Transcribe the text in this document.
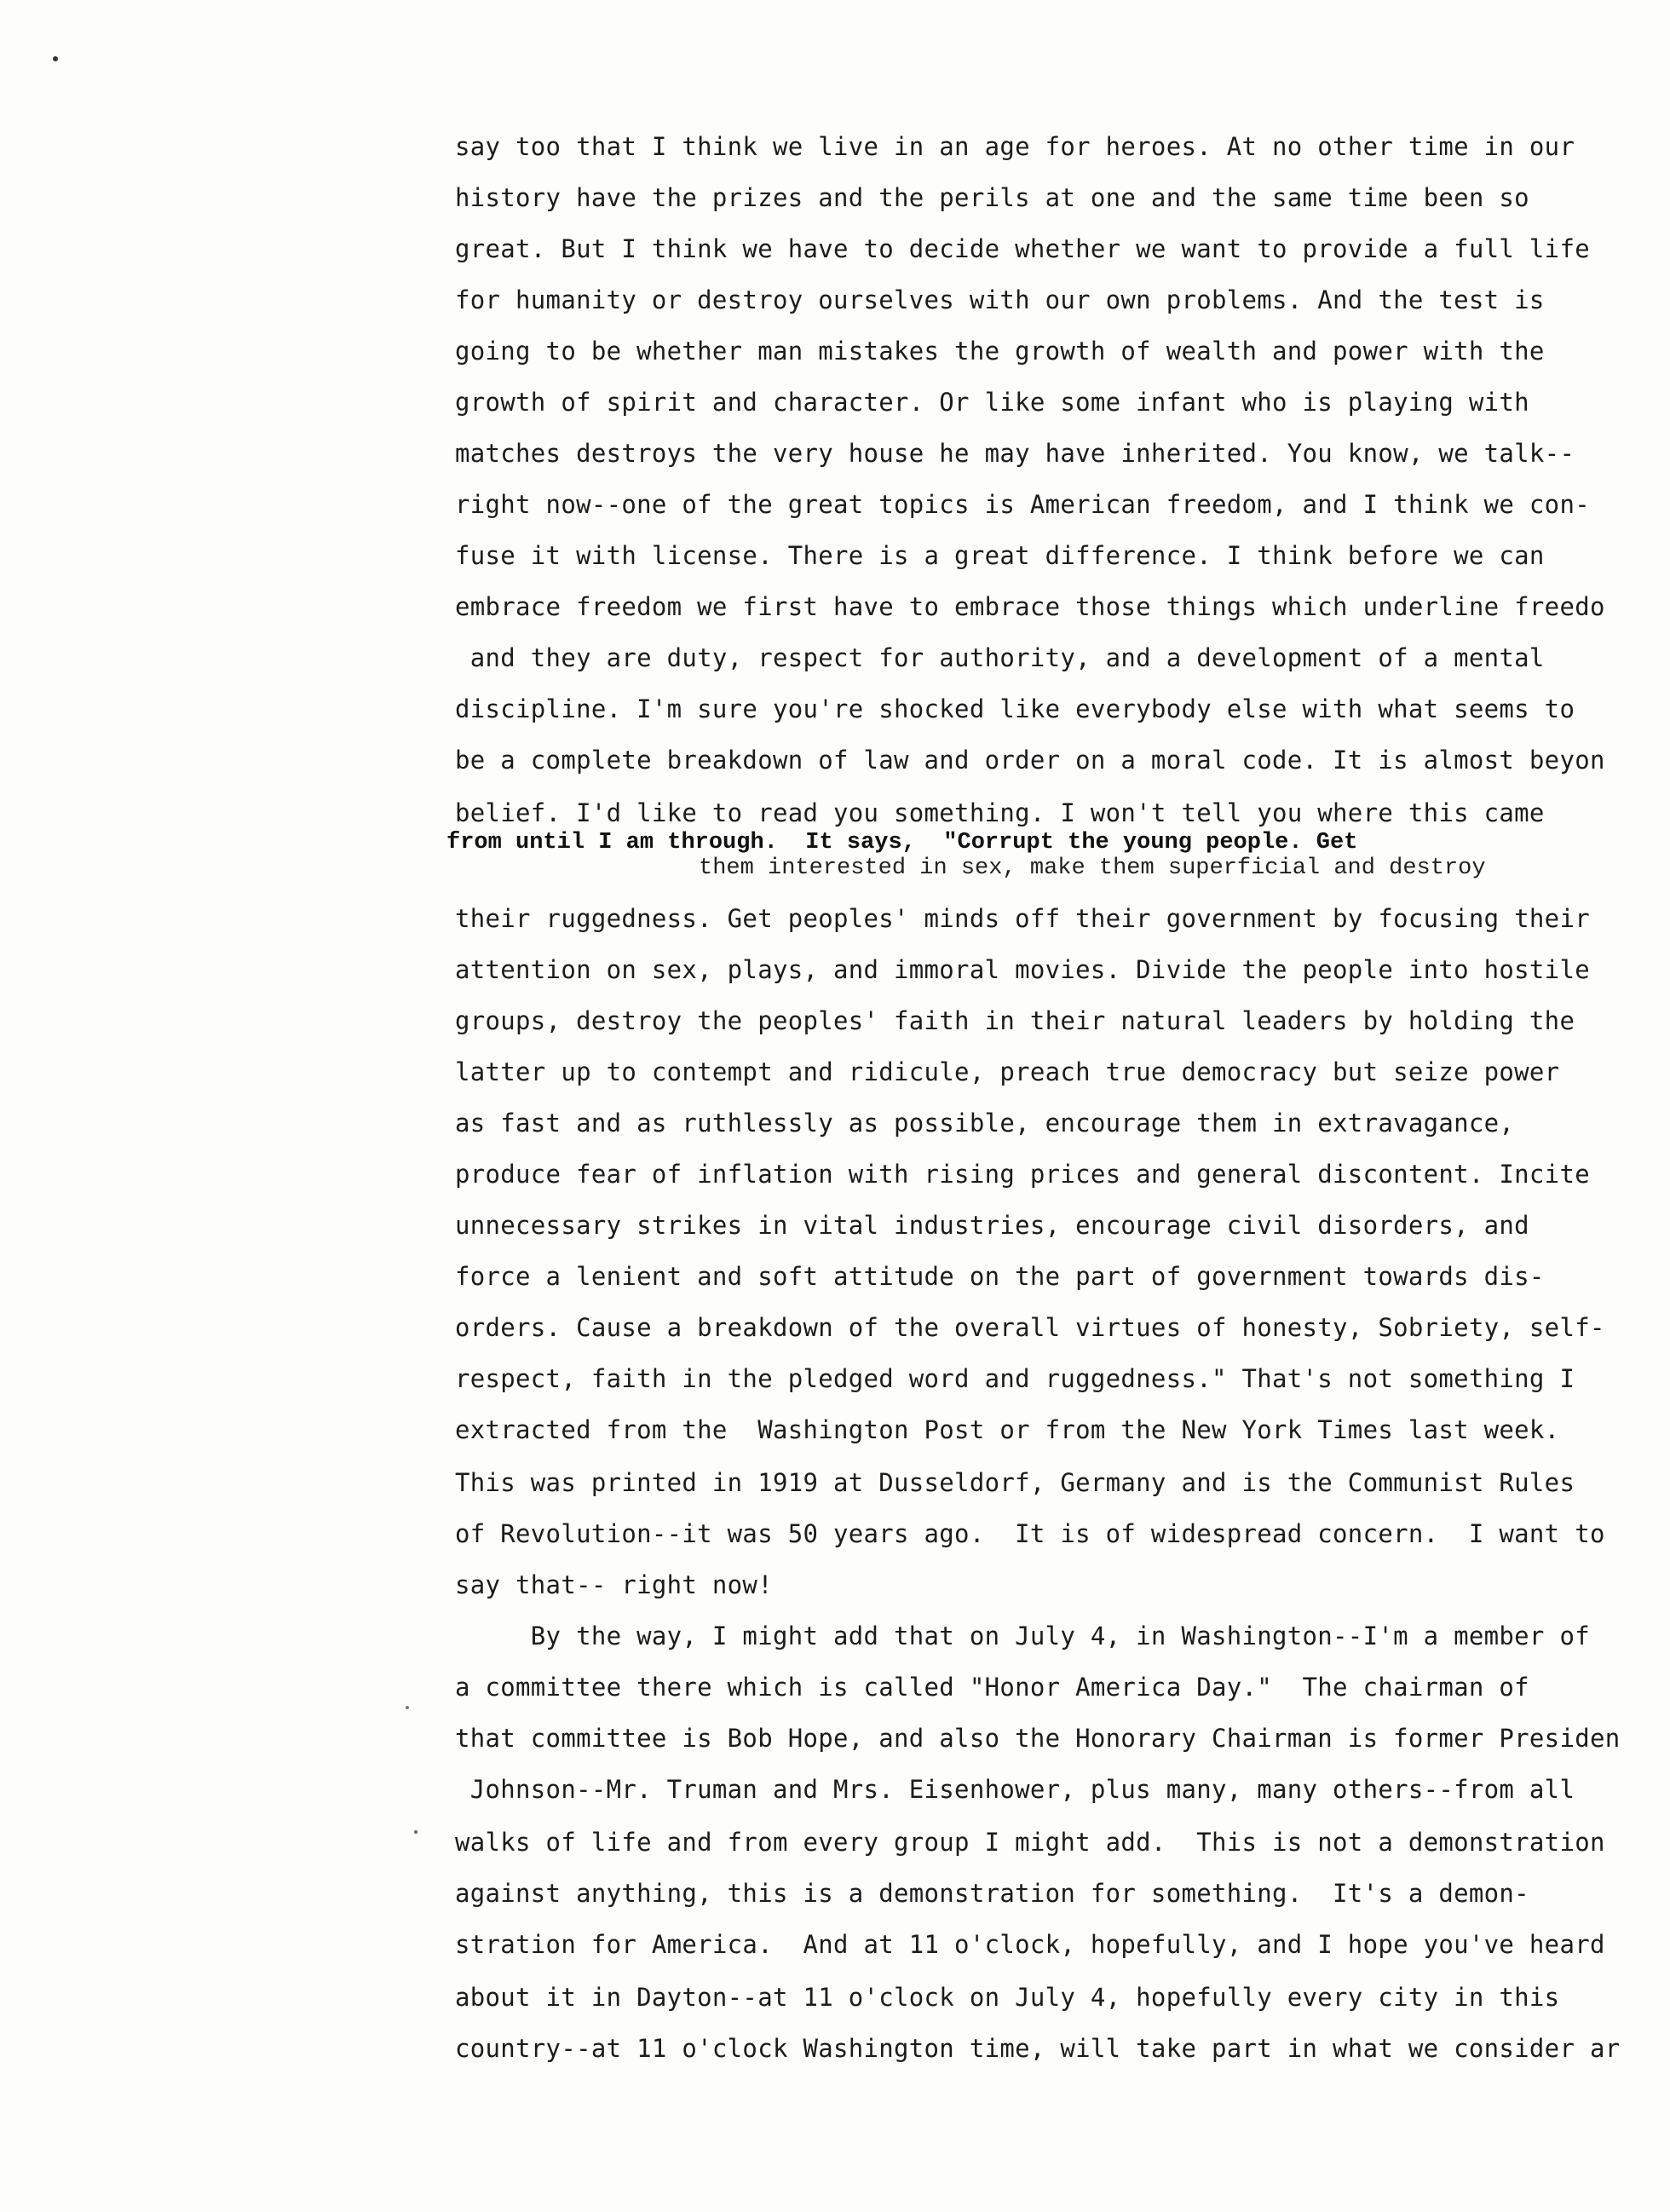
say too that I think we live in an age for heroes. At no other time in our
history have the prizes and the perils at one and the same time been so
great. But I think we have to decide whether we want to provide a full life
for humanity or destroy ourselves with our own problems. And the test is
going to be whether man mistakes the growth of wealth and power with the
growth of spirit and character. Or like some infant who is playing with
matches destroys the very house he may have inherited. You know, we talk--
right now--one of the great topics is American freedom, and I think we con-
fuse it with license. There is a great difference. I think before we can
embrace freedom we first have to embrace those things which underline freedo
and they are duty, respect for authority, and a development of a mental
discipline. I'm sure you're shocked like everybody else with what seems to
be a complete breakdown of law and order on a moral code. It is almost beyon
belief. I'd like to read you something. I won't tell you where this came
from until I am through.  It says,  "Corrupt the young people. Get
them interested in sex, make them superficial and destroy
their ruggedness. Get peoples' minds off their government by focusing their
attention on sex, plays, and immoral movies. Divide the people into hostile
groups, destroy the peoples' faith in their natural leaders by holding the
latter up to contempt and ridicule, preach true democracy but seize power
as fast and as ruthlessly as possible, encourage them in extravagance,
produce fear of inflation with rising prices and general discontent. Incite
unnecessary strikes in vital industries, encourage civil disorders, and
force a lenient and soft attitude on the part of government towards dis-
orders. Cause a breakdown of the overall virtues of honesty, Sobriety, self-
respect, faith in the pledged word and ruggedness." That's not something I
extracted from the  Washington Post or from the New York Times last week.
This was printed in 1919 at Dusseldorf, Germany and is the Communist Rules
of Revolution--it was 50 years ago.  It is of widespread concern.  I want to
say that-- right now!
By the way, I might add that on July 4, in Washington--I'm a member of
a committee there which is called "Honor America Day."  The chairman of
that committee is Bob Hope, and also the Honorary Chairman is former Presiden
Johnson--Mr. Truman and Mrs. Eisenhower, plus many, many others--from all
walks of life and from every group I might add.  This is not a demonstration
against anything, this is a demonstration for something.  It's a demon-
stration for America.  And at 11 o'clock, hopefully, and I hope you've heard
about it in Dayton--at 11 o'clock on July 4, hopefully every city in this
country--at 11 o'clock Washington time, will take part in what we consider ar
